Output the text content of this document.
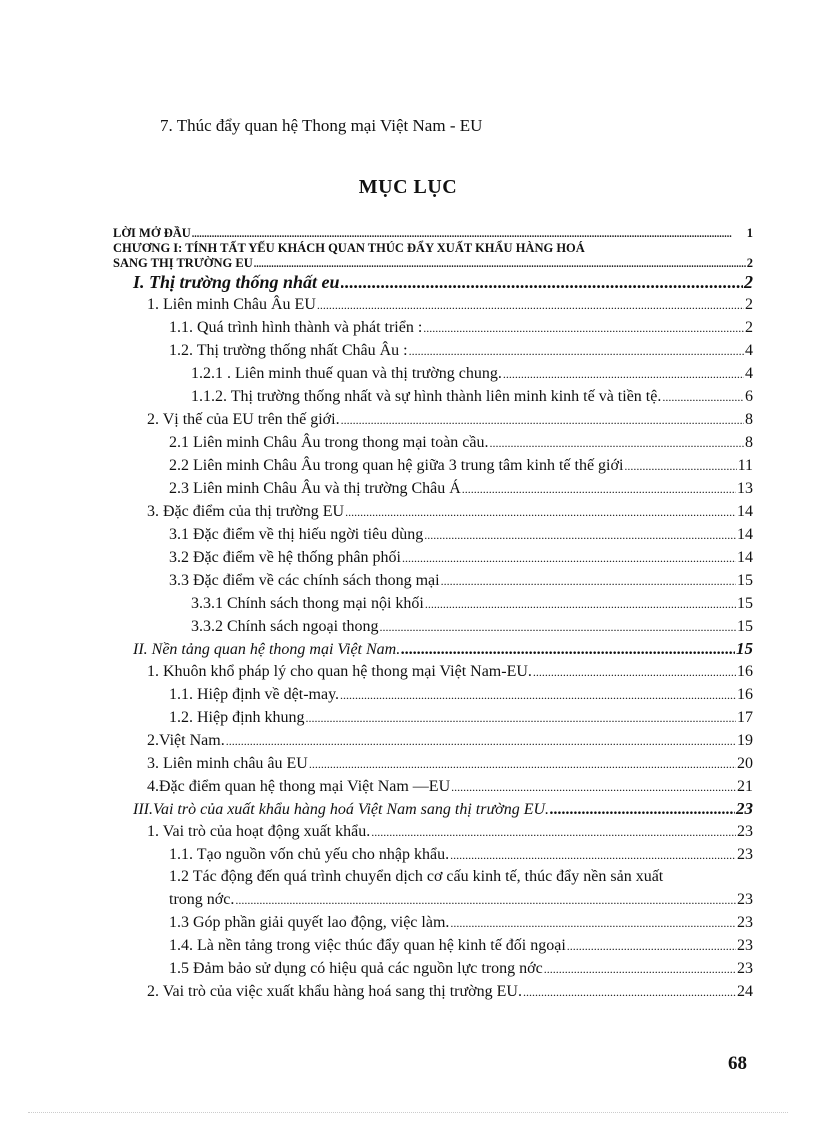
7. Thúc đẩy quan hệ Thong mại Việt Nam - EU
MỤC LỤC
LỜI MỞ ĐẦU .....	1
CHƯƠNG I: TÍNH TẤT YẾU KHÁCH QUAN THÚC ĐẨY XUẤT KHẨU HÀNG HOÁ
SANG THỊ TRƯỜNG EU .....	2
I. Thị trường thống nhất eu .....	2
1. Liên minh Châu Âu EU .....	2
1.1. Quá trình hình thành và phát triển : .....	2
1.2. Thị trường thống nhất Châu Âu : .....	4
1.2.1 . Liên minh thuế quan và thị trường chung. .....	4
1.1.2. Thị trường thống nhất và sự hình thành liên minh kinh tế và tiền tệ. .....	6
2. Vị thế của EU trên thế giới. .....	8
2.1 Liên minh Châu Âu trong thong mại toàn cầu. .....	8
2.2 Liên minh Châu Âu trong quan hệ giữa 3 trung tâm kinh tế thế giới .....	11
2.3 Liên minh Châu Âu và thị trường Châu Á .....	13
3. Đặc điểm của thị trường EU .....	14
3.1 Đặc điểm về thị hiếu ngời tiêu dùng .....	14
3.2 Đặc điểm về hệ thống phân phối .....	14
3.3 Đặc điểm về các chính sách thong mại .....	15
3.3.1 Chính sách thong mại nội khối .....	15
3.3.2 Chính sách ngoại thong .....	15
II. Nền tảng quan hệ thong mại Việt Nam. .....	15
1. Khuôn khổ pháp lý cho quan hệ thong mại Việt Nam-EU. .....	16
1.1. Hiệp định về dệt-may. .....	16
1.2. Hiệp định khung .....	17
2.Việt Nam. .....	19
3. Liên minh châu âu EU .....	20
4.Đặc điểm quan hệ thong mại Việt Nam —EU .....	21
III.Vai trò của xuất khẩu hàng hoá Việt Nam sang thị trường EU. .....	23
1. Vai trò của hoạt động xuất khẩu. .....	23
1.1. Tạo nguồn vốn chủ yếu cho nhập khẩu. .....	23
1.2 Tác động đến quá trình chuyển dịch cơ cấu kinh tế, thúc đẩy nền sản xuất
trong nớc. .....	23
1.3 Góp phần giải quyết lao động, việc làm. .....	23
1.4. Là nền tảng trong việc thúc đẩy quan hệ kinh tế đối ngoại .....	23
1.5 Đảm bảo sử dụng có hiệu quả các nguồn lực trong nớc .....	23
2. Vai trò của việc xuất khẩu hàng hoá sang thị trường EU. .....	24
68
